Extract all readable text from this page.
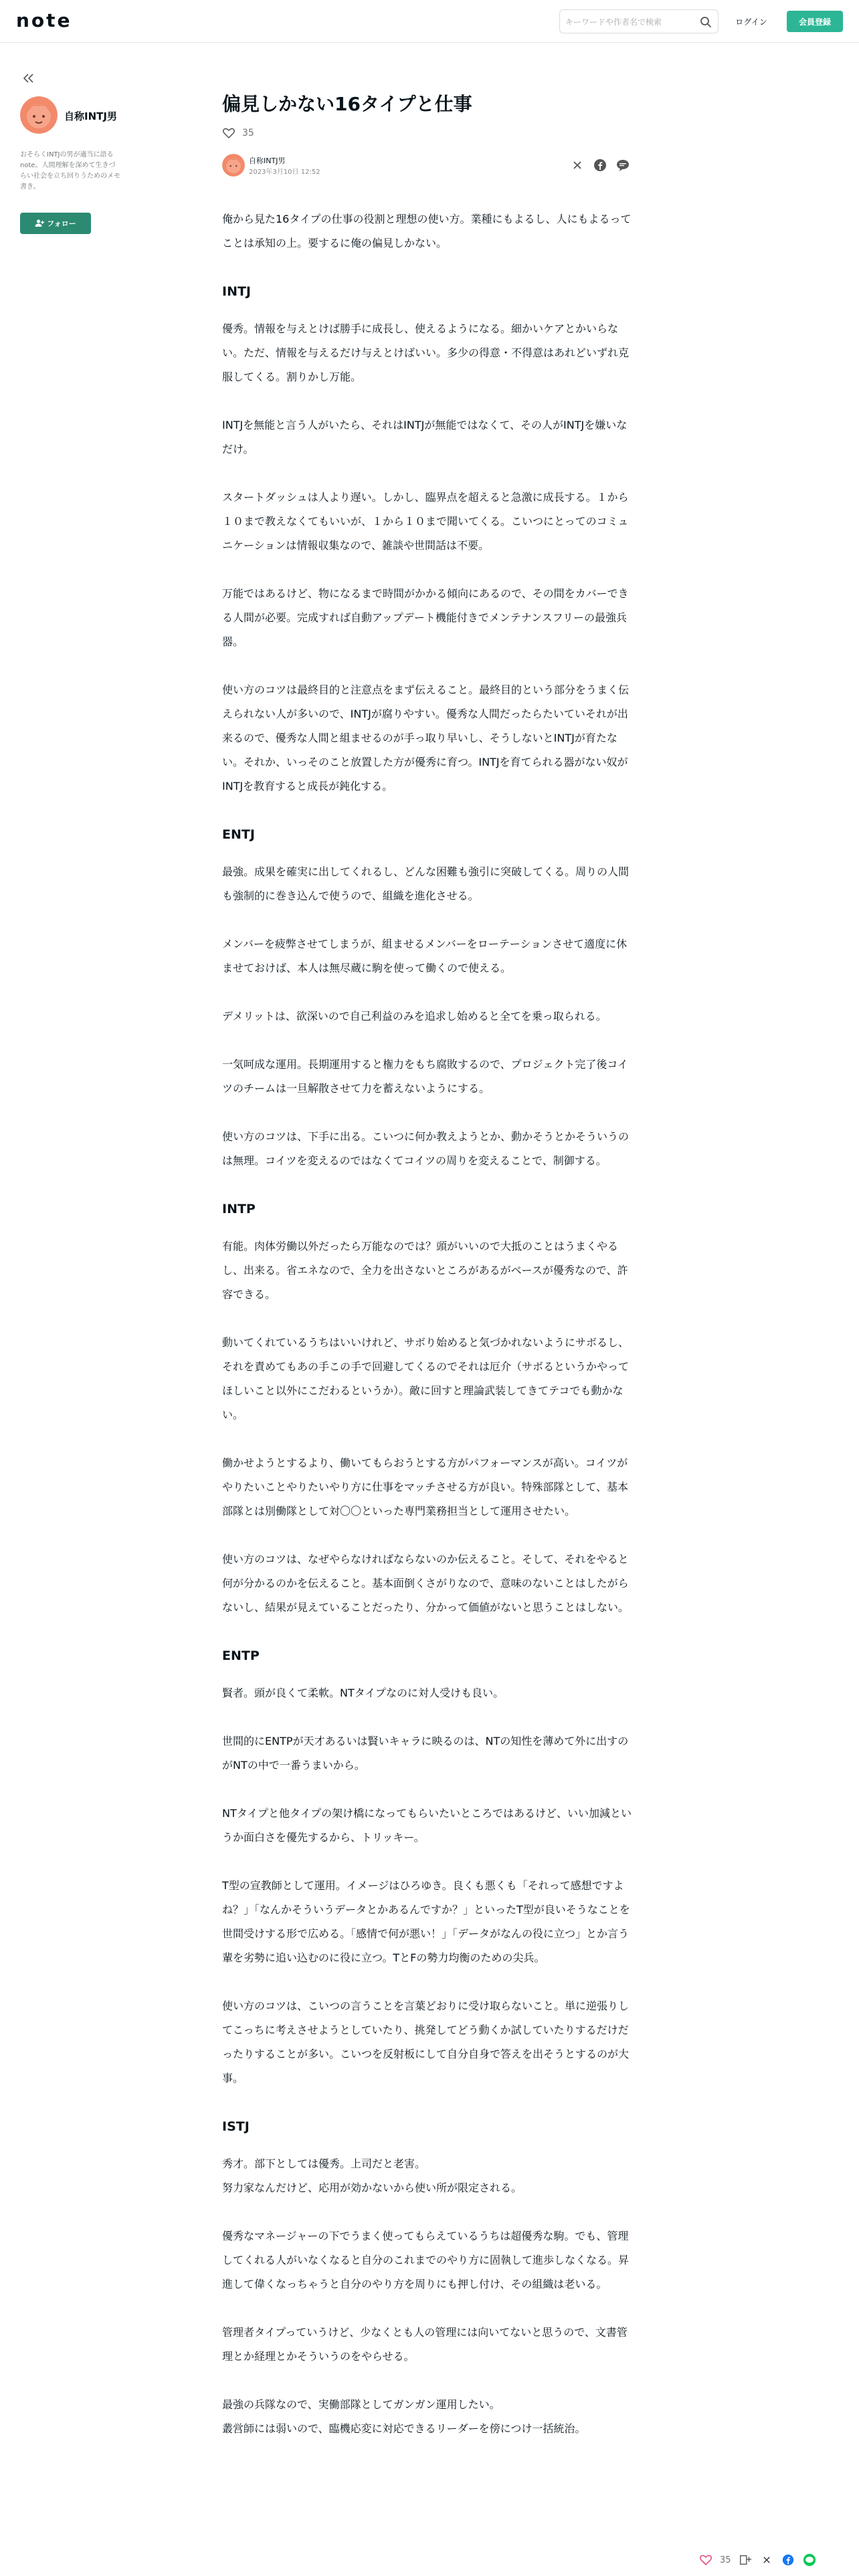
note
キーワードや作者名で検索	ログイン	会員登録
自称INTJ男
おそらくINTJの男が適当に語るnote。人間理解を深めて生きづらい社会を立ち回りうためのメモ書き。
フォロー
偏見しかない16タイプと仕事
35
自称INTJ男
2023年3月10日 12:52

俺から見た16タイプの仕事の役割と理想の使い方。業種にもよるし、人にもよるってことは承知の上。要するに俺の偏見しかない。

INTJ

優秀。情報を与えとけば勝手に成長し、使えるようになる。細かいケアとかいらない。ただ、情報を与えるだけ与えとけばいい。多少の得意・不得意はあれどいずれ克服してくる。割りかし万能。

INTJを無能と言う人がいたら、それはINTJが無能ではなくて、その人がINTJを嫌いなだけ。

スタートダッシュは人より遅い。しかし、臨界点を超えると急激に成長する。１から１０まで教えなくてもいいが、１から１０まで聞いてくる。こいつにとってのコミュニケーションは情報収集なので、雑談や世間話は不要。

万能ではあるけど、物になるまで時間がかかる傾向にあるので、その間をカバーできる人間が必要。完成すれば自動アップデート機能付きでメンテナンスフリーの最強兵器。

使い方のコツは最終目的と注意点をまず伝えること。最終目的という部分をうまく伝えられない人が多いので、INTJが腐りやすい。優秀な人間だったらたいていそれが出来るので、優秀な人間と組ませるのが手っ取り早いし、そうしないとINTJが育たない。それか、いっそのこと放置した方が優秀に育つ。INTJを育てられる器がない奴がINTJを教育すると成長が鈍化する。

ENTJ

最強。成果を確実に出してくれるし、どんな困難も強引に突破してくる。周りの人間も強制的に巻き込んで使うので、組織を進化させる。

メンバーを疲弊させてしまうが、組ませるメンバーをローテーションさせて適度に休ませておけば、本人は無尽蔵に駒を使って働くので使える。

デメリットは、欲深いので自己利益のみを追求し始めると全てを乗っ取られる。

一気呵成な運用。長期運用すると権力をもち腐敗するので、プロジェクト完了後コイツのチームは一旦解散させて力を蓄えないようにする。

使い方のコツは、下手に出る。こいつに何か教えようとか、動かそうとかそういうのは無理。コイツを変えるのではなくてコイツの周りを変えることで、制御する。

INTP

有能。肉体労働以外だったら万能なのでは？頭がいいので大抵のことはうまくやるし、出来る。省エネなので、全力を出さないところがあるがベースが優秀なので、許容できる。

動いてくれているうちはいいけれど、サボり始めると気づかれないようにサボるし、それを責めてもあの手この手で回避してくるのでそれは厄介（サボるというかやってほしいこと以外にこだわるというか）。敵に回すと理論武装してきてテコでも動かない。

働かせようとするより、働いてもらおうとする方がパフォーマンスが高い。コイツがやりたいことやりたいやり方に仕事をマッチさせる方が良い。特殊部隊として、基本部隊とは別働隊として対〇〇といった専門業務担当として運用させたい。

使い方のコツは、なぜやらなければならないのか伝えること。そして、それをやると何が分かるのかを伝えること。基本面倒くさがりなので、意味のないことはしたがらないし、結果が見えていることだったり、分かって価値がないと思うことはしない。

ENTP

賢者。頭が良くて柔軟。NTタイプなのに対人受けも良い。

世間的にENTPが天才あるいは賢いキャラに映るのは、NTの知性を薄めて外に出すのがNTの中で一番うまいから。

NTタイプと他タイプの架け橋になってもらいたいところではあるけど、いい加減というか面白さを優先するから、トリッキー。

T型の宣教師として運用。イメージはひろゆき。良くも悪くも「それって感想ですよね？」「なんかそういうデータとかあるんですか？」といったT型が良いそうなことを世間受けする形で広める。「感情で何が悪い！」「データがなんの役に立つ」とか言う輩を劣勢に追い込むのに役に立つ。TとFの勢力均衡のための尖兵。

使い方のコツは、こいつの言うことを言葉どおりに受け取らないこと。単に逆張りしてこっちに考えさせようとしていたり、挑発してどう動くか試していたりするだけだったりすることが多い。こいつを反射板にして自分自身で答えを出そうとするのが大事。

ISTJ

秀才。部下としては優秀。上司だと老害。
努力家なんだけど、応用が効かないから使い所が限定される。

優秀なマネージャーの下でうまく使ってもらえているうちは超優秀な駒。でも、管理してくれる人がいなくなると自分のこれまでのやり方に固執して進歩しなくなる。昇進して偉くなっちゃうと自分のやり方を周りにも押し付け、その組織は老いる。

管理者タイプっていうけど、少なくとも人の管理には向いてないと思うので、文書管理とか経理とかそういうのをやらせる。

最強の兵隊なので、実働部隊としてガンガン運用したい。
叢営師には弱いので、臨機応変に対応できるリーダーを傍につけ一括統治。

35
